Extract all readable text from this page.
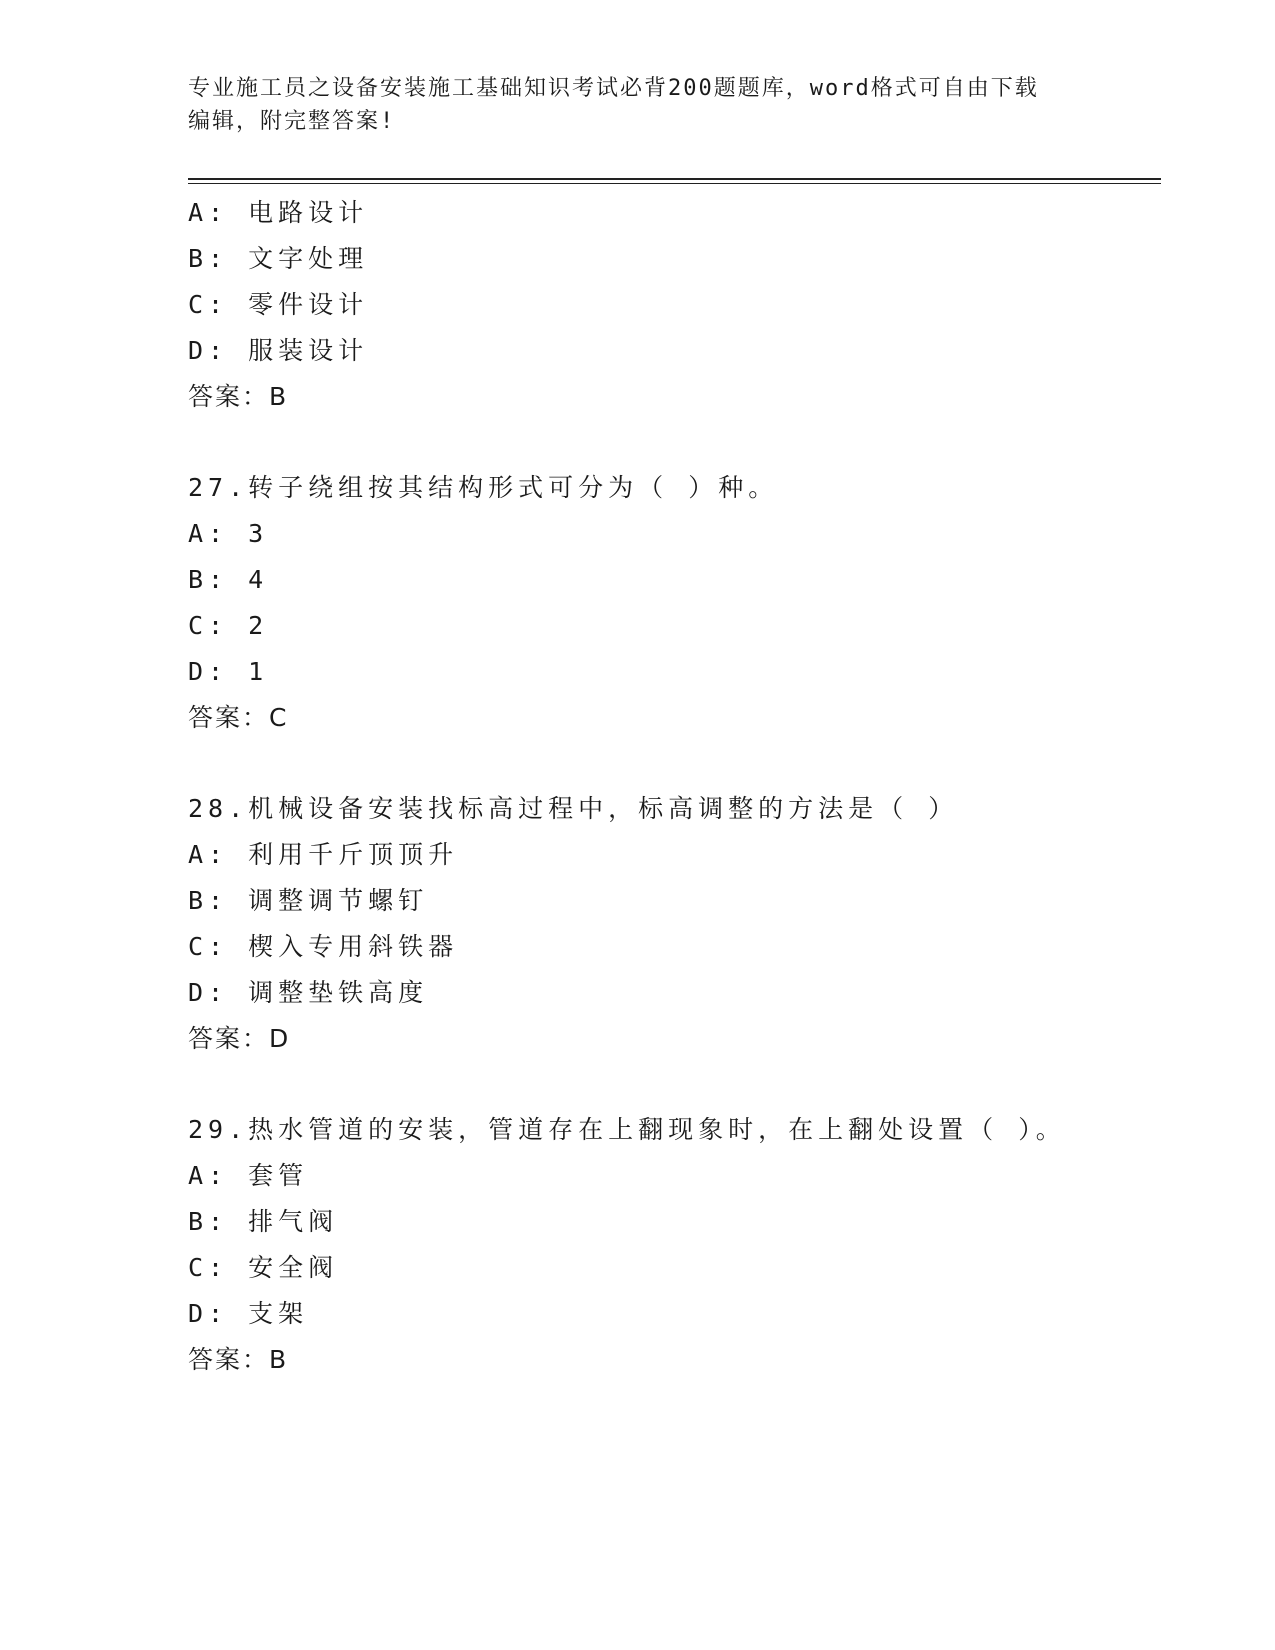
专业施工员之设备安装施工基础知识考试必背200题题库，word格式可自由下载
编辑，附完整答案!
A: 电路设计
B: 文字处理
C: 零件设计
D: 服装设计
答案：B
27.转子绕组按其结构形式可分为（ ）种。
A: 3
B: 4
C: 2
D: 1
答案：C
28.机械设备安装找标高过程中，标高调整的方法是（ ）
A: 利用千斤顶顶升
B: 调整调节螺钉
C: 楔入专用斜铁器
D: 调整垫铁高度
答案：D
29.热水管道的安装，管道存在上翻现象时，在上翻处设置（ ）。
A: 套管
B: 排气阀
C: 安全阀
D: 支架
答案：B
